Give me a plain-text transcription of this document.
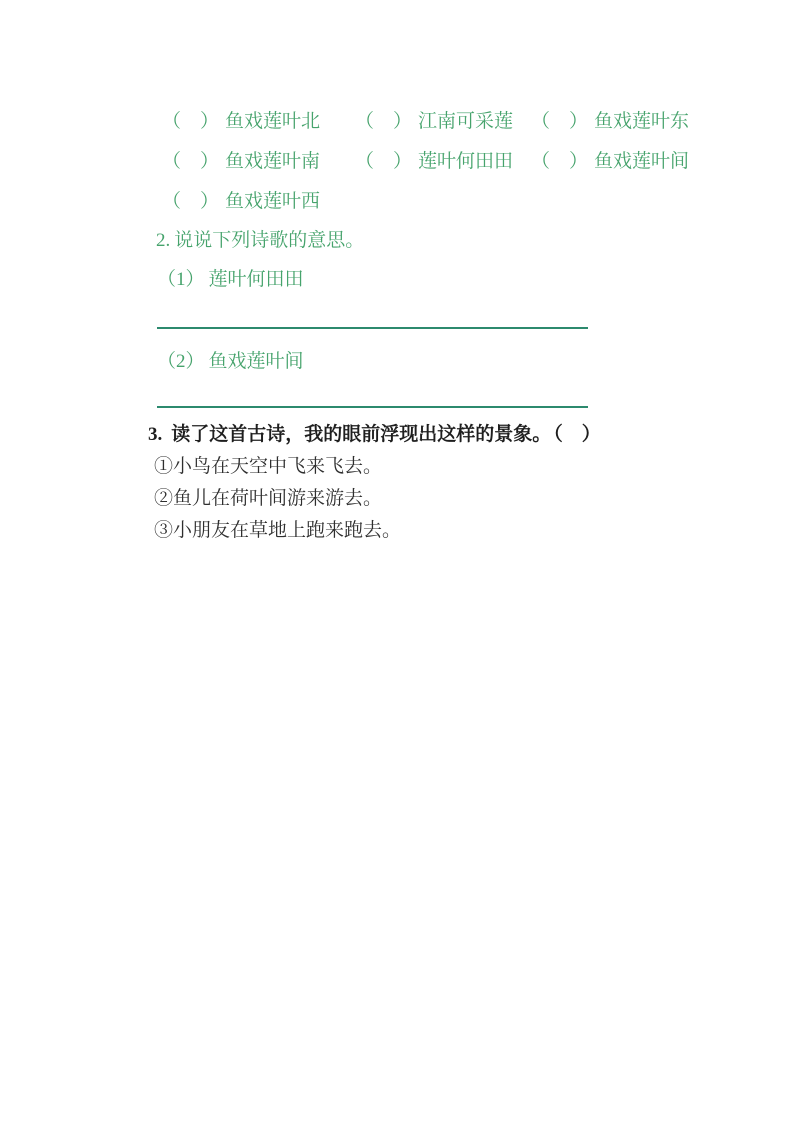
（　） 鱼戏莲叶北 （　） 江南可采莲 （　） 鱼戏莲叶东
（　） 鱼戏莲叶南 （　） 莲叶何田田 （　） 鱼戏莲叶间
（　） 鱼戏莲叶西
2. 说说下列诗歌的意思。
（1） 莲叶何田田
（2） 鱼戏莲叶间
3. 读了这首古诗，我的眼前浮现出这样的景象。 （　）
①小鸟在天空中飞来飞去。
②鱼儿在荷叶间游来游去。
③小朋友在草地上跑来跑去。
